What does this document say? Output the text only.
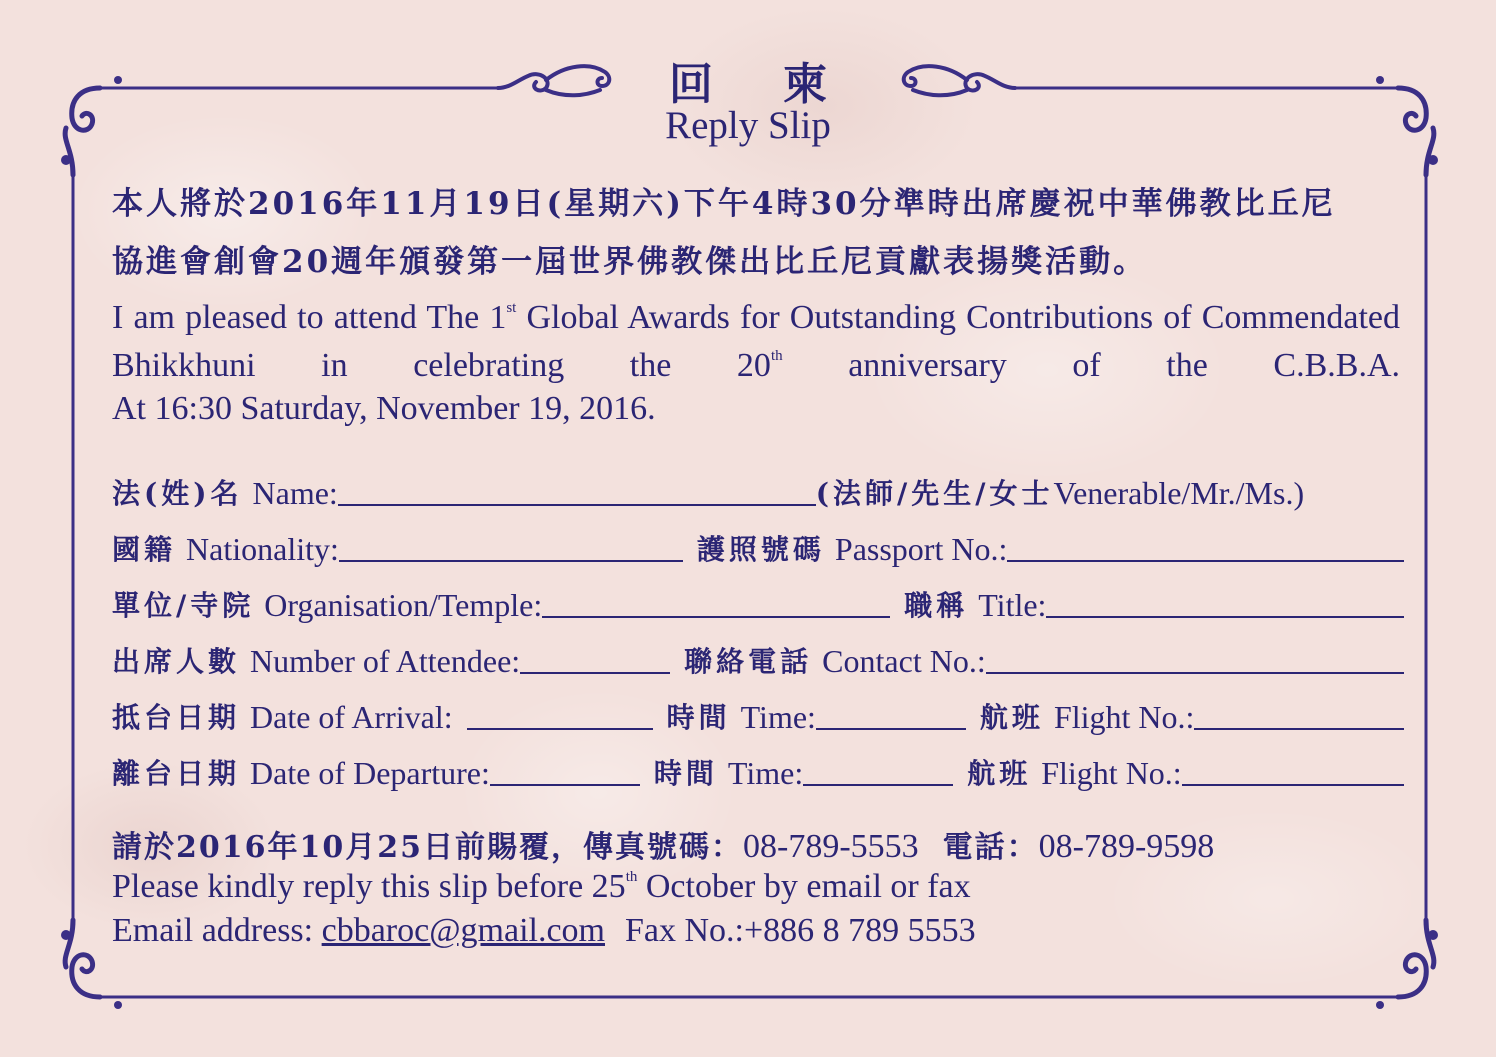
回柬
Reply Slip
本人將於2016年11月19日(星期六)下午4時30分準時出席慶祝中華佛教比丘尼
協進會創會20週年頒發第一屆世界佛教傑出比丘尼貢獻表揚獎活動。
I am pleased to attend The 1st Global Awards for Outstanding Contributions of Commendated Bhikkhuni in celebrating the 20th anniversary of the C.B.B.A.
At 16:30 Saturday, November 19, 2016.
法(姓)名 Name:	(法師/先生/女士 Venerable/Mr./Ms.)
國籍 Nationality:	護照號碼 Passport No.:
單位/寺院 Organisation/Temple:	職稱 Title:
出席人數 Number of Attendee:	聯絡電話 Contact No.:
抵台日期 Date of Arrival:	時間 Time:	航班 Flight No.:
離台日期 Date of Departure:	時間 Time:	航班 Flight No.:
請於2016年10月25日前賜覆，傳真號碼：08-789-5553 電話：08-789-9598
Please kindly reply this slip before 25th October by email or fax
Email address: cbbaroc@gmail.com Fax No.:+886 8 789 5553
